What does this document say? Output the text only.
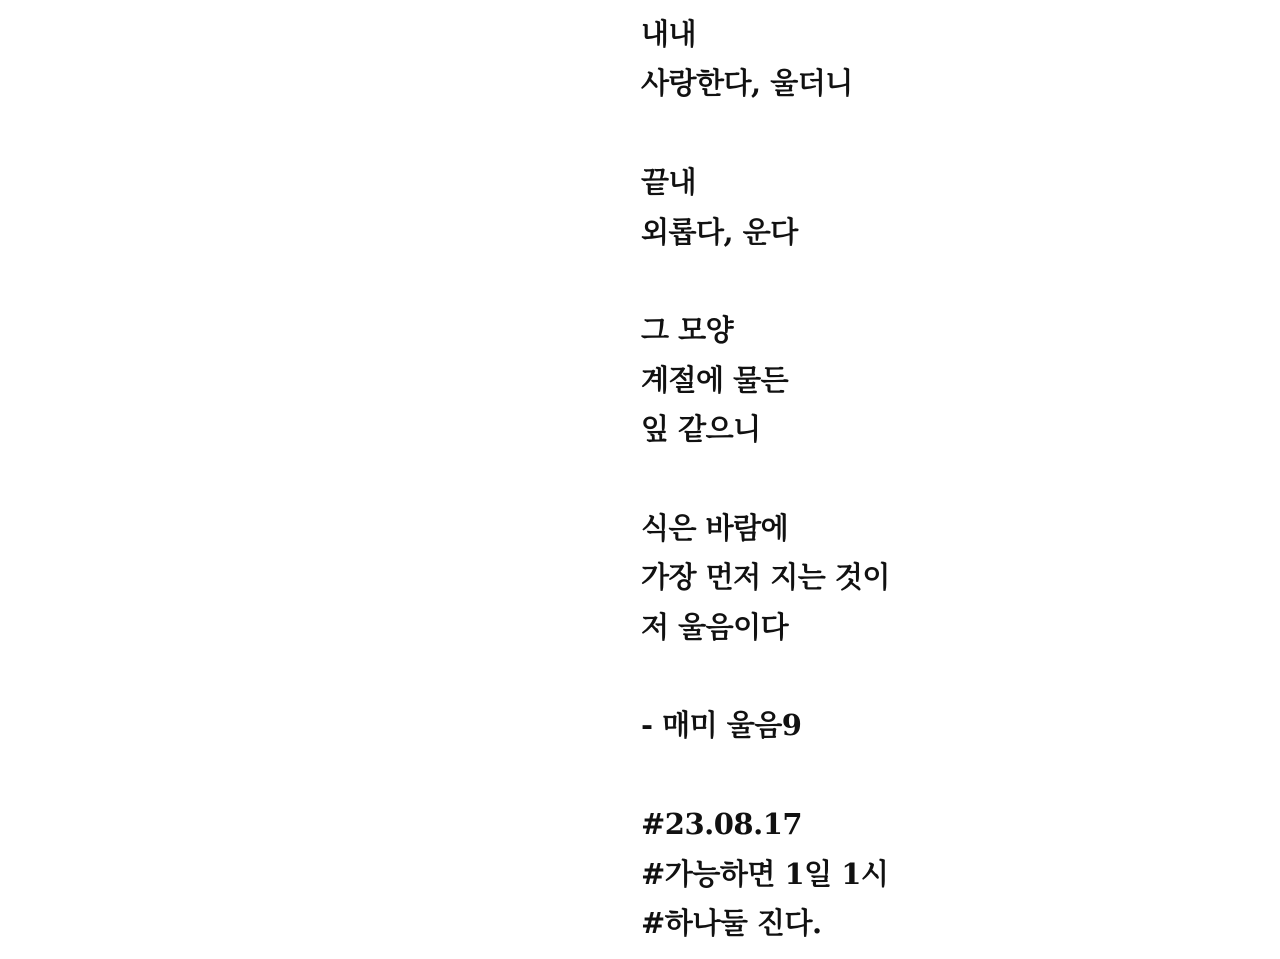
내내
사랑한다, 울더니
끝내
외롭다, 운다
그 모양
계절에 물든
잎 같으니
식은 바람에
가장 먼저 지는 것이
저 울음이다
- 매미 울음9
#23.08.17
#가능하면 1일 1시
#하나둘 진다.
